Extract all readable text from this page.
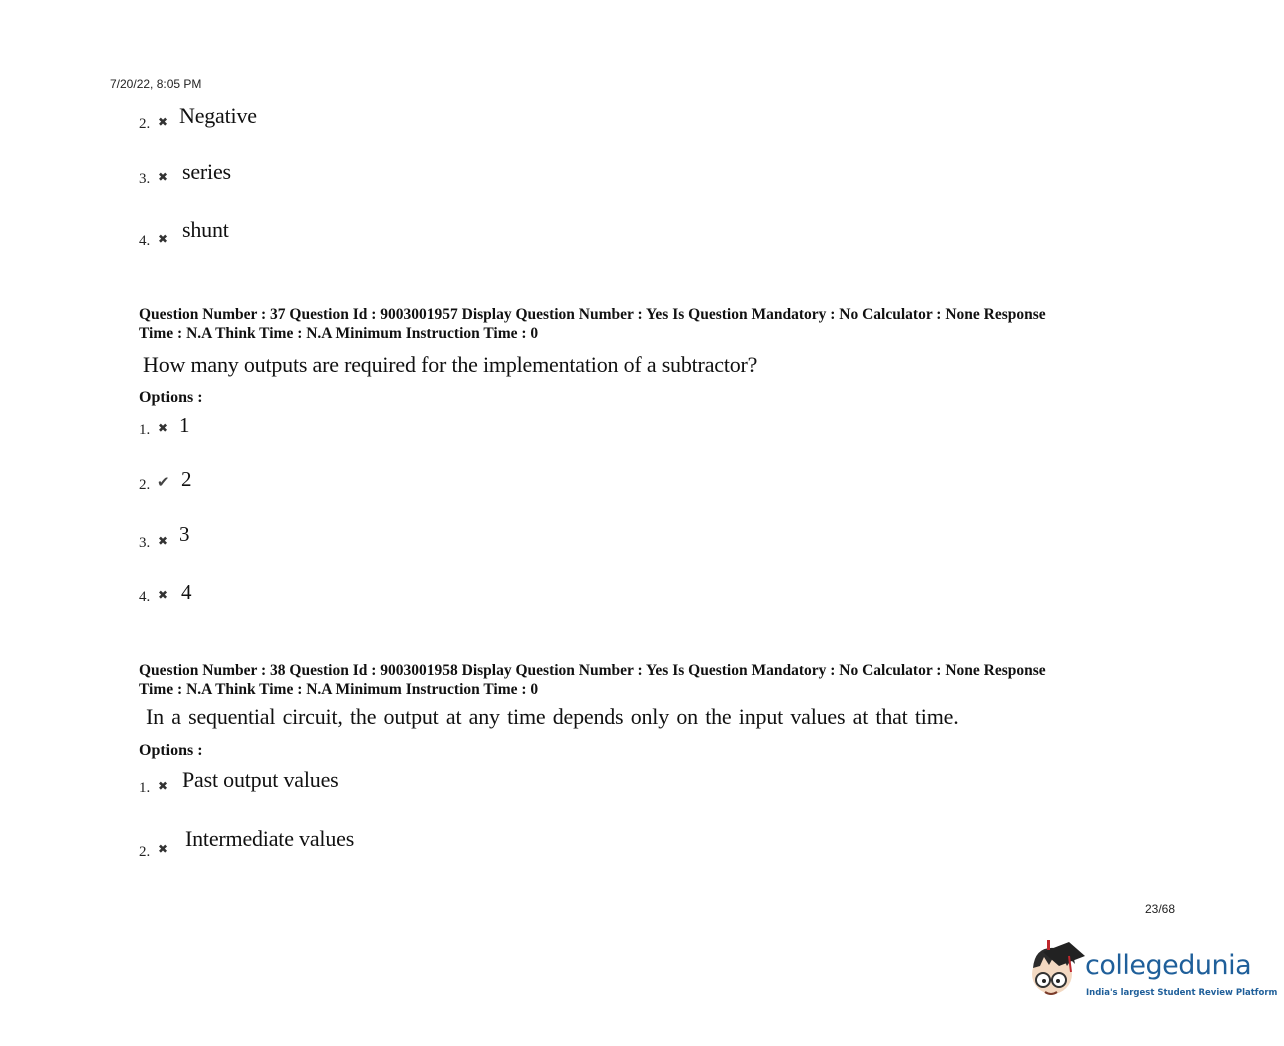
7/20/22, 8:05 PM
2. ✖ Negative
3. ✖ series
4. ✖ shunt
Question Number : 37 Question Id : 9003001957 Display Question Number : Yes Is Question Mandatory : No Calculator : None Response
Time : N.A Think Time : N.A Minimum Instruction Time : 0
How many outputs are required for the implementation of a subtractor?
Options :
1. ✖ 1
2. ✔ 2
3. ✖ 3
4. ✖ 4
Question Number : 38 Question Id : 9003001958 Display Question Number : Yes Is Question Mandatory : No Calculator : None Response
Time : N.A Think Time : N.A Minimum Instruction Time : 0
In a sequential circuit, the output at any time depends only on the input values at that time.
Options :
1. ✖ Past output values
2. ✖ Intermediate values
23/68
collegedunia
India's largest Student Review Platform
